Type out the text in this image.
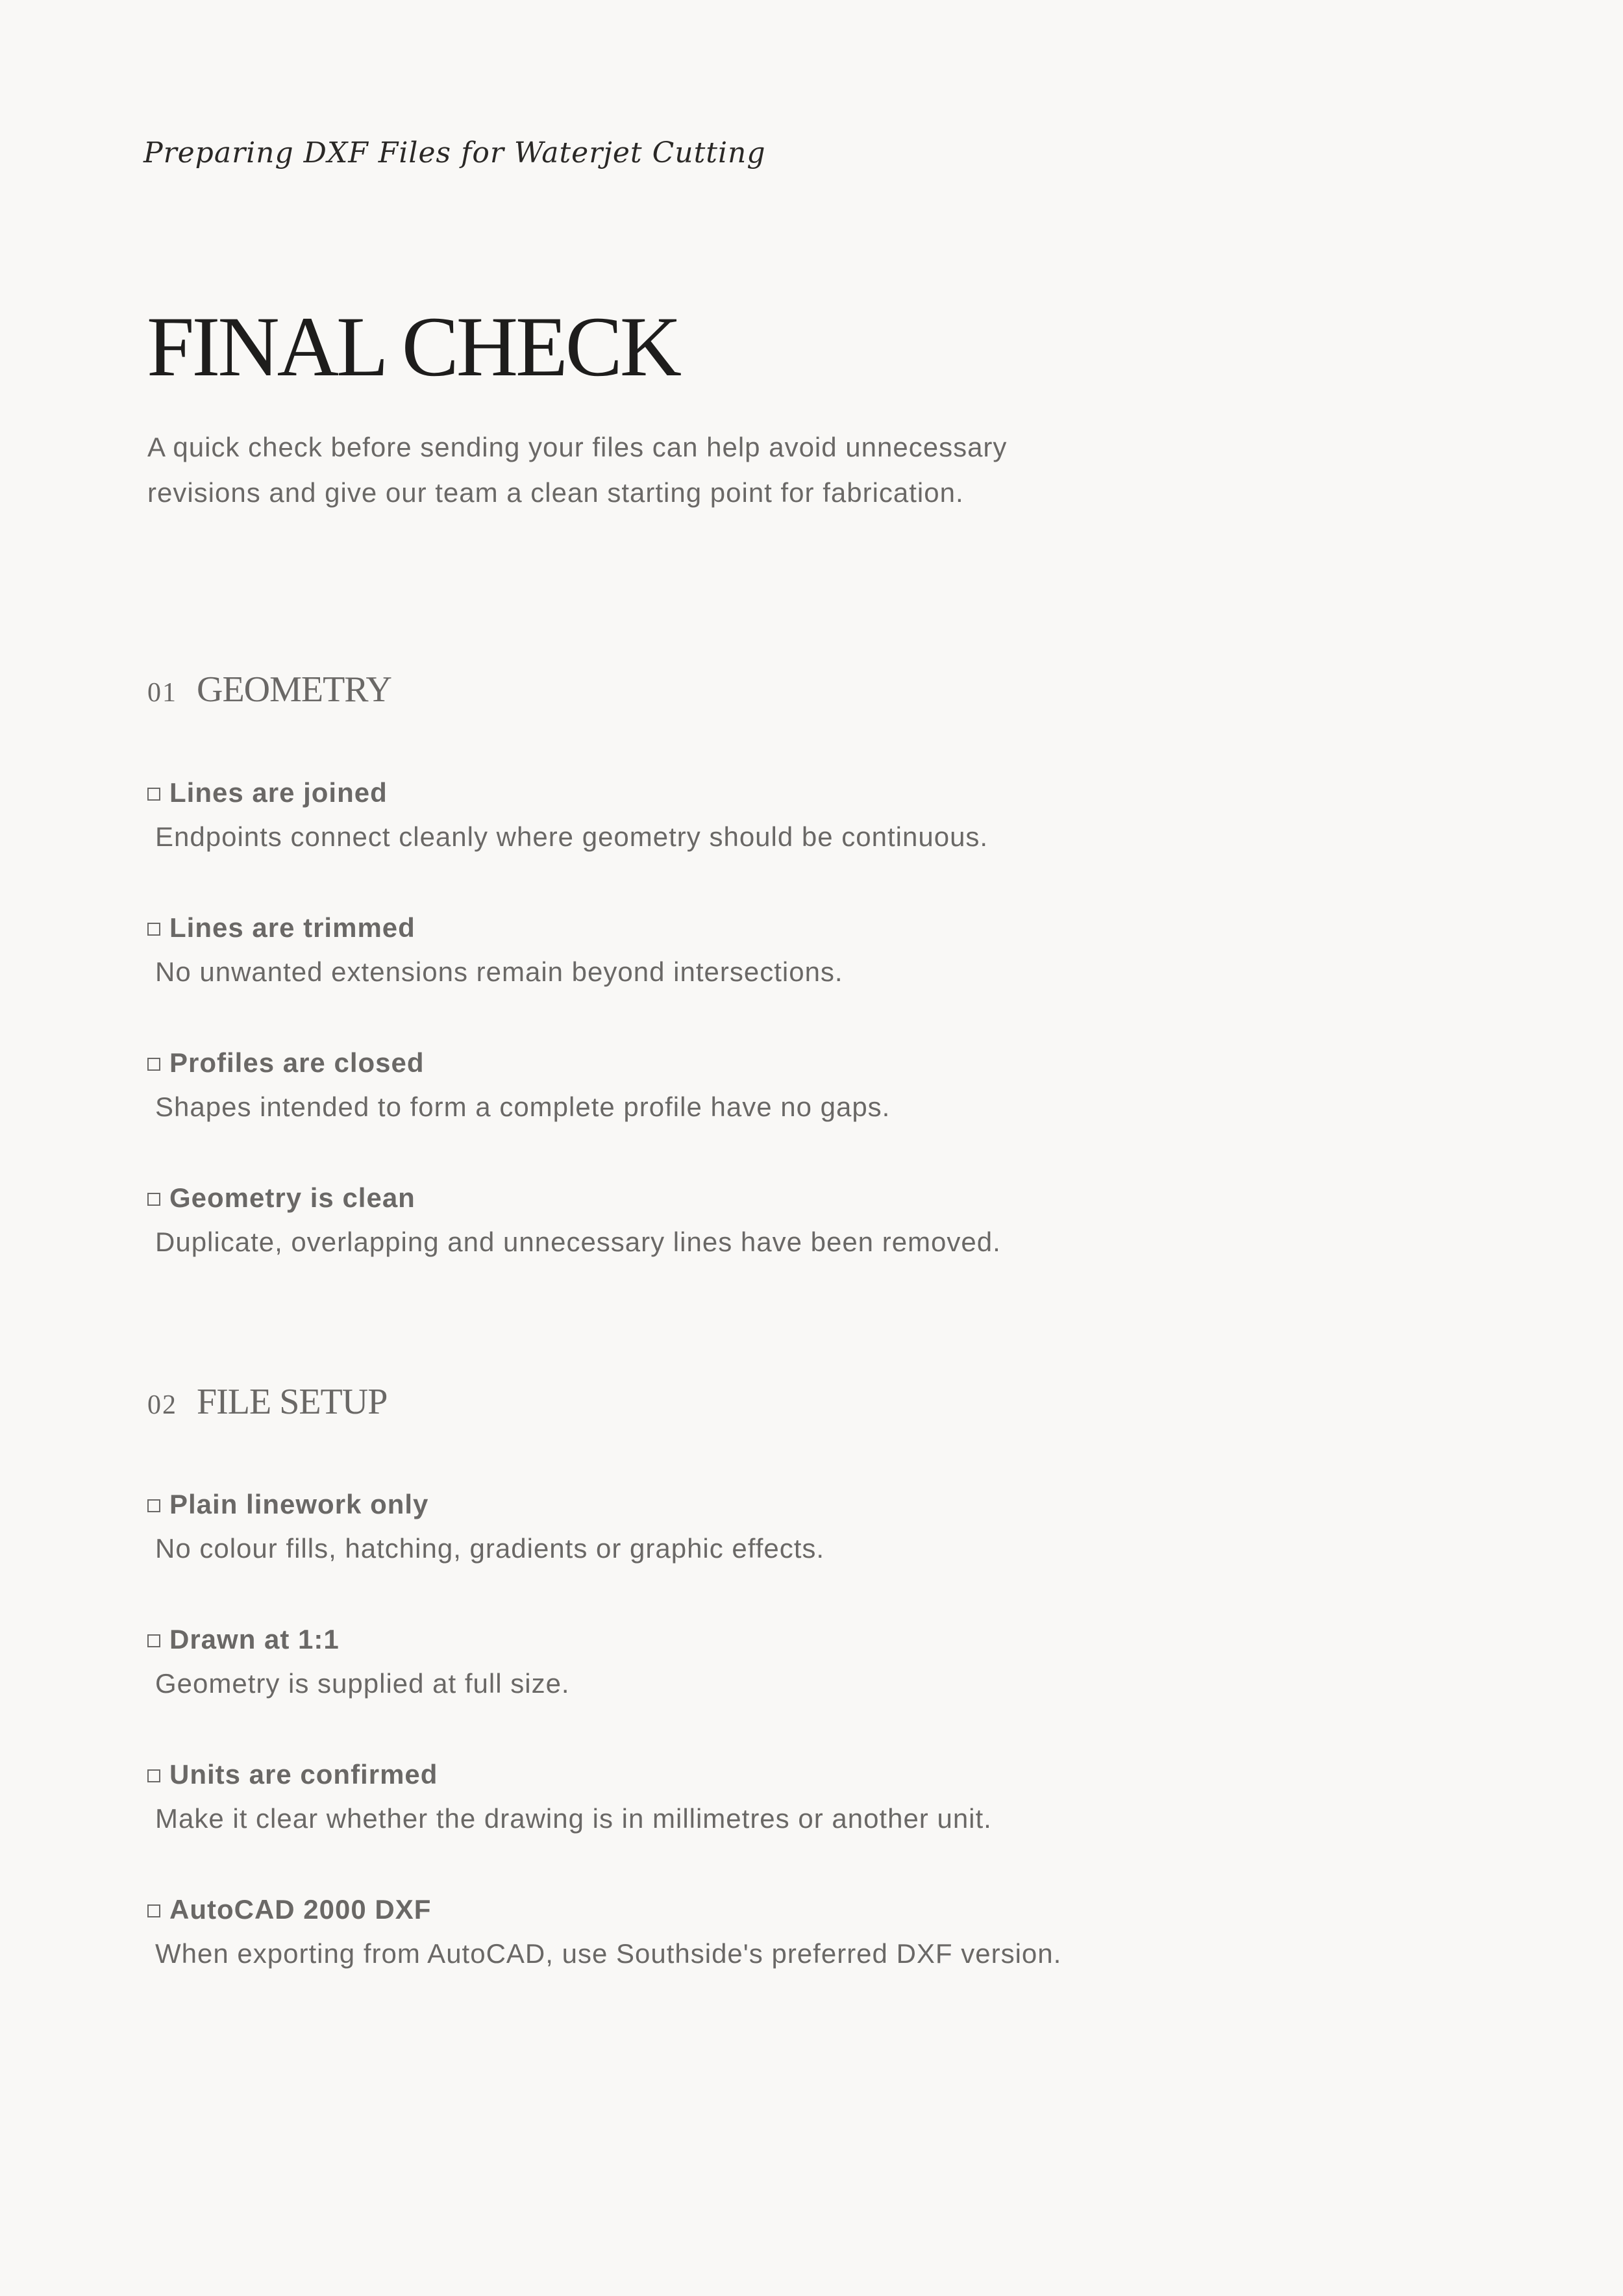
Preparing DXF Files for Waterjet Cutting
FINAL CHECK

A quick check before sending your files can help avoid unnecessary revisions and give our team a clean starting point for fabrication.

01 GEOMETRY
Lines are joined
Endpoints connect cleanly where geometry should be continuous.
Lines are trimmed
No unwanted extensions remain beyond intersections.
Profiles are closed
Shapes intended to form a complete profile have no gaps.
Geometry is clean
Duplicate, overlapping and unnecessary lines have been removed.
02 FILE SETUP
Plain linework only
No colour fills, hatching, gradients or graphic effects.
Drawn at 1:1
Geometry is supplied at full size.
Units are confirmed
Make it clear whether the drawing is in millimetres or another unit.
AutoCAD 2000 DXF
When exporting from AutoCAD, use Southside's preferred DXF version.
